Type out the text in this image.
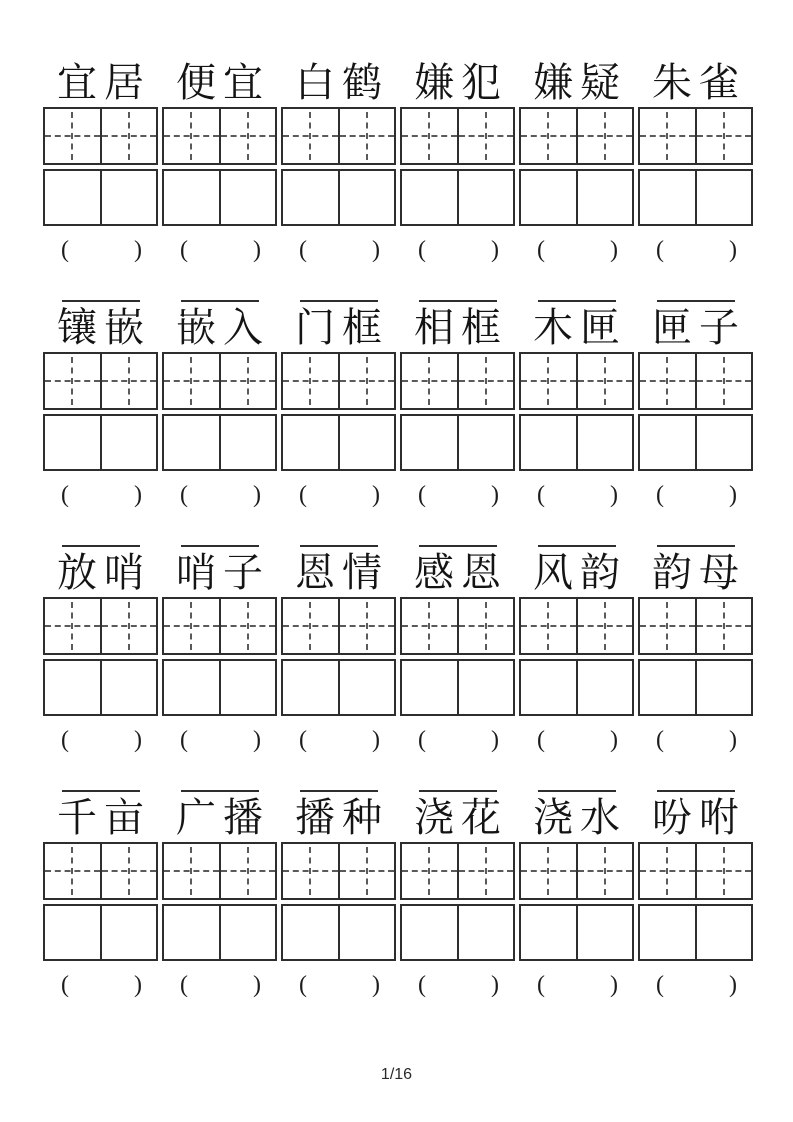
宜居
(	)
便宜
(	)
白鹤
(	)
嫌犯
(	)
嫌疑
(	)
朱雀
(	)
镶嵌
(	)
嵌入
(	)
门框
(	)
相框
(	)
木匣
(	)
匣子
(	)
放哨
(	)
哨子
(	)
恩情
(	)
感恩
(	)
风韵
(	)
韵母
(	)
千亩
(	)
广播
(	)
播种
(	)
浇花
(	)
浇水
(	)
吩咐
(	)
1/16
